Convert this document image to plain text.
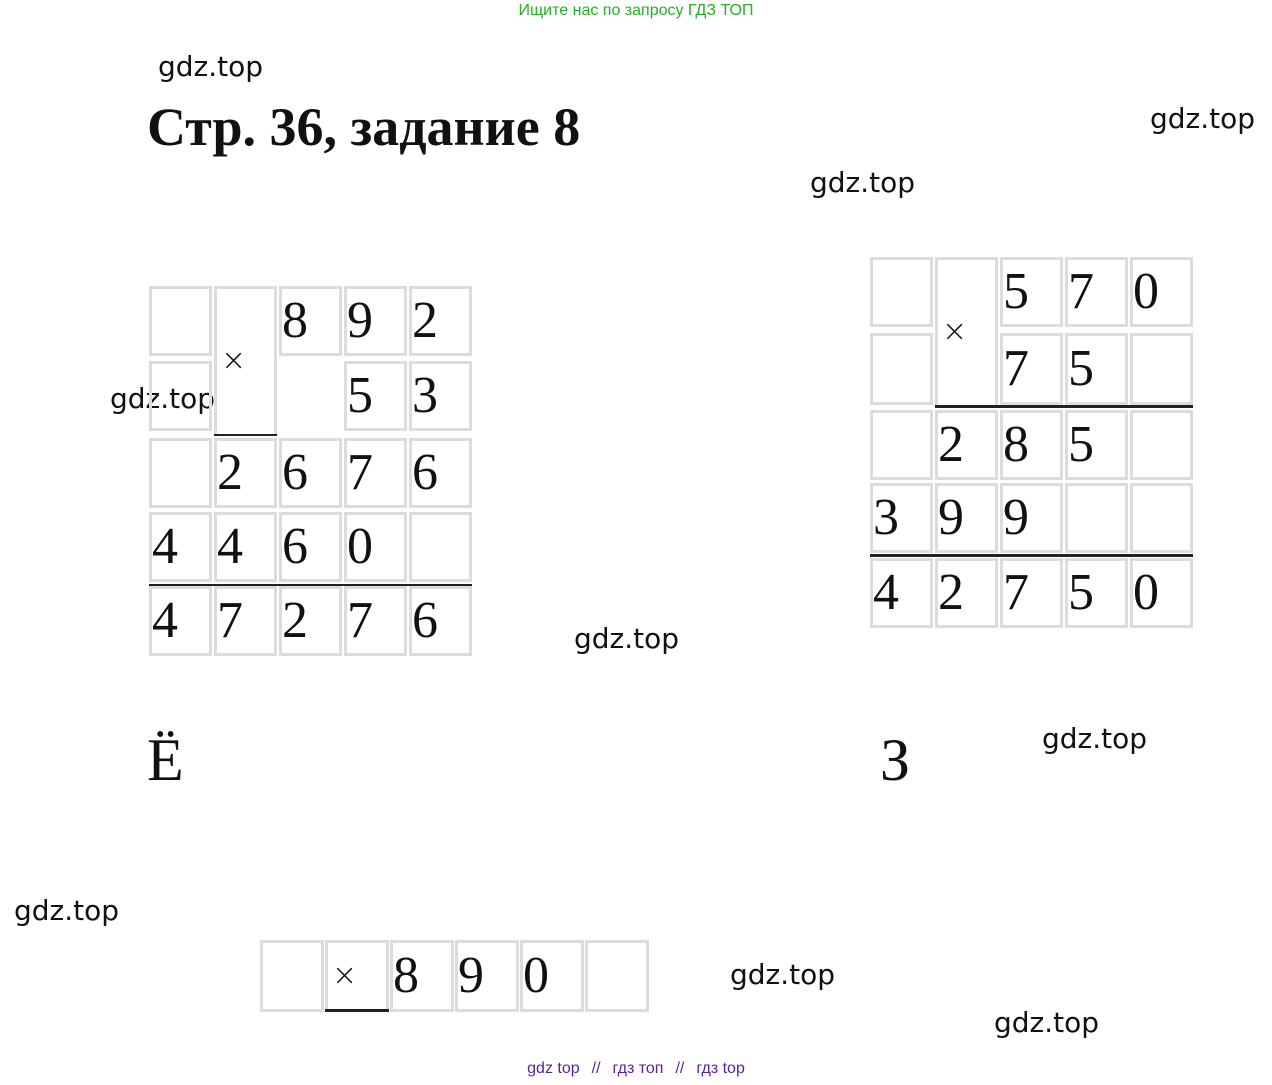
Ищите нас по запросу ГДЗ ТОП
gdz.top
gdz.top
gdz.top
gdz.top
gdz.top
gdz.top
gdz.top
gdz.top
gdz.top
Стр. 36, задание 8
×
8 9 2
5 3
2 6 7 6
4 4 6 0
4 7 2 7 6
×
5 7 0
7 5
2 8 5
3 9 9
4 2 7 5 0
Ё	З
× 8 9 0
gdz top // гдз топ // гдз top
